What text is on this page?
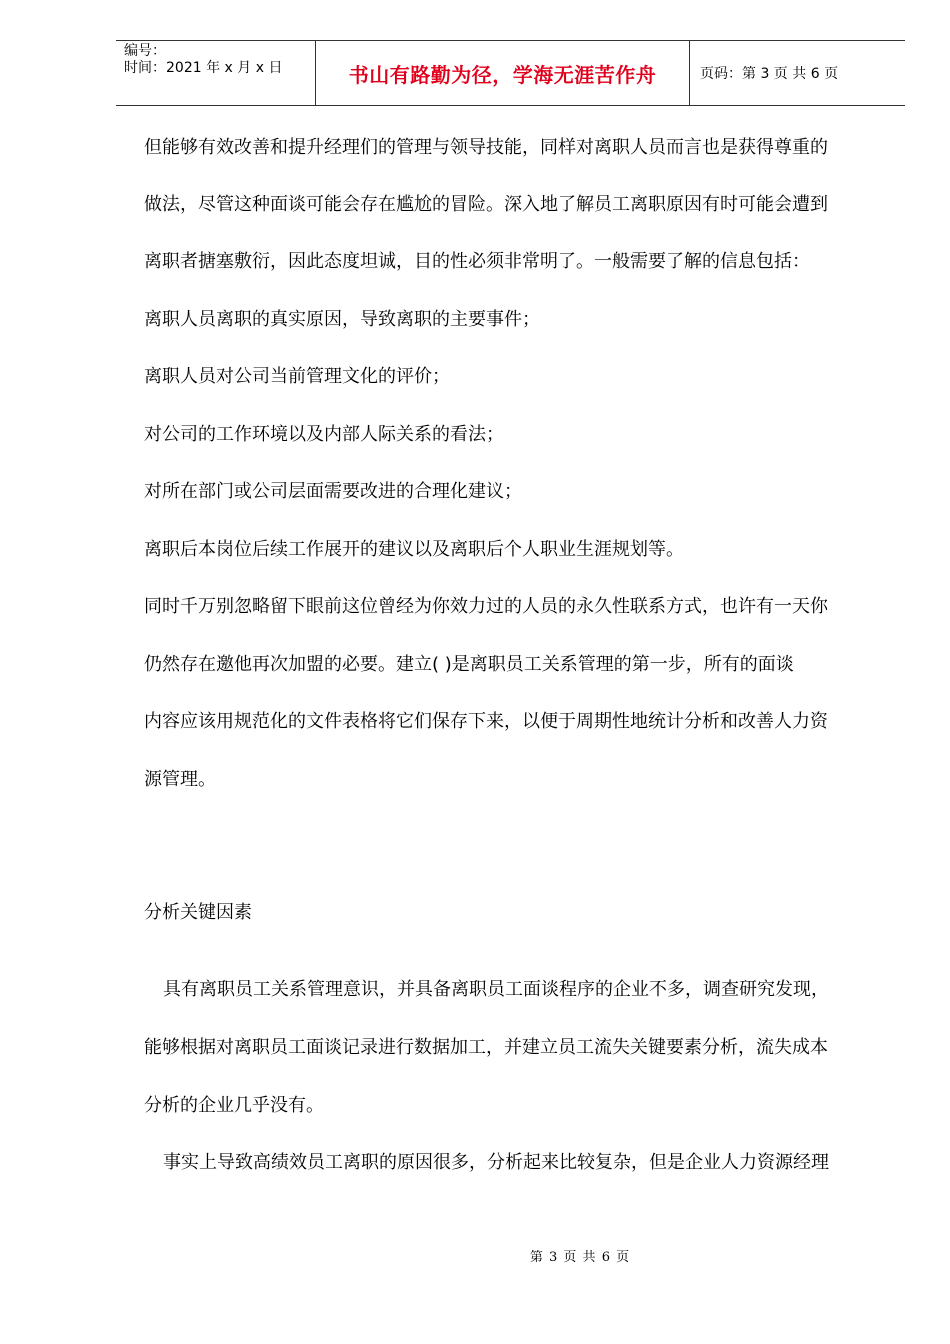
编号：
时间：2021 年 x 月 x 日	书山有路勤为径，学海无涯苦作舟	页码：第 3 页 共 6 页
但能够有效改善和提升经理们的管理与领导技能，同样对离职人员而言也是获得尊重的
做法，尽管这种面谈可能会存在尴尬的冒险。深入地了解员工离职原因有时可能会遭到
离职者搪塞敷衍，因此态度坦诚，目的性必须非常明了。一般需要了解的信息包括：
离职人员离职的真实原因，导致离职的主要事件；
离职人员对公司当前管理文化的评价；
对公司的工作环境以及内部人际关系的看法；
对所在部门或公司层面需要改进的合理化建议；
离职后本岗位后续工作展开的建议以及离职后个人职业生涯规划等。
同时千万别忽略留下眼前这位曾经为你效力过的人员的永久性联系方式，也许有一天你
仍然存在邀他再次加盟的必要。建立( )是离职员工关系管理的第一步，所有的面谈
内容应该用规范化的文件表格将它们保存下来，以便于周期性地统计分析和改善人力资
源管理。
分析关键因素
具有离职员工关系管理意识，并具备离职员工面谈程序的企业不多，调查研究发现，
能够根据对离职员工面谈记录进行数据加工，并建立员工流失关键要素分析，流失成本
分析的企业几乎没有。
事实上导致高绩效员工离职的原因很多，分析起来比较复杂，但是企业人力资源经理
第 3 页 共 6 页
